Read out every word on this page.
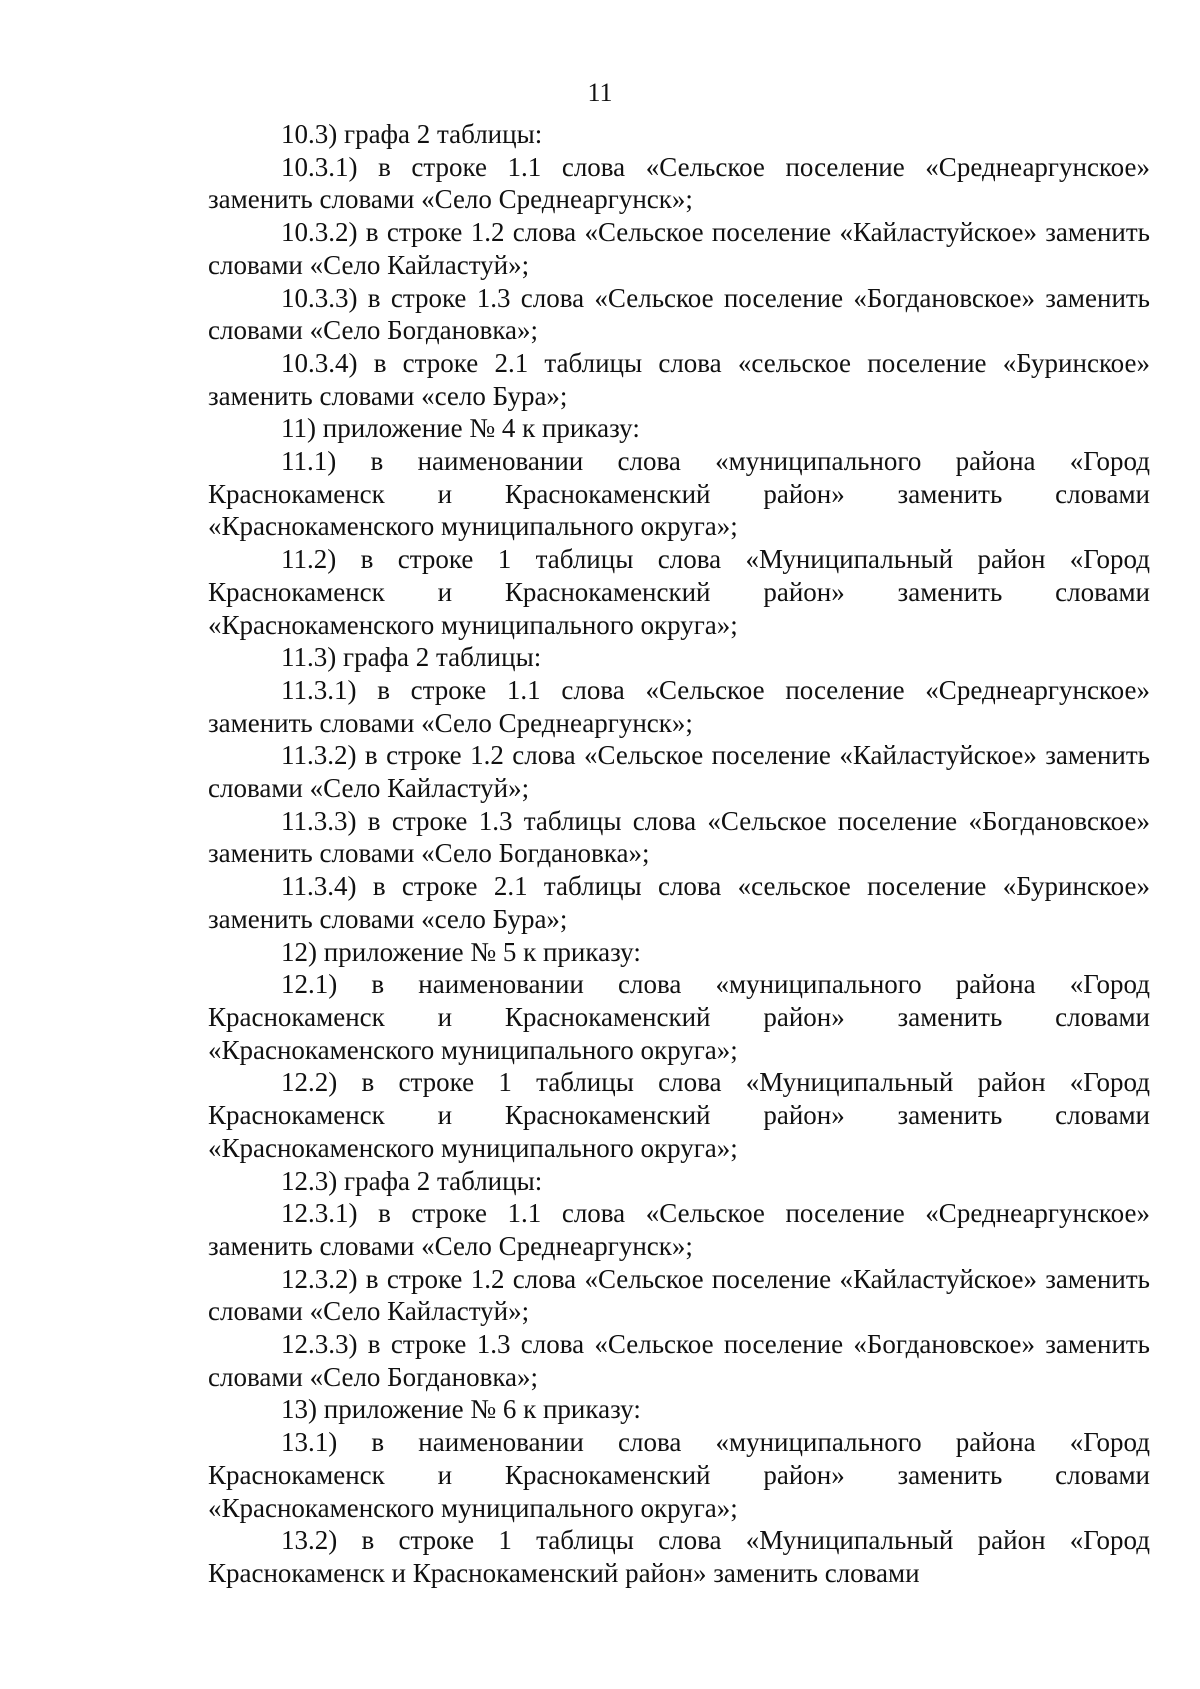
11

10.3) графа 2 таблицы:

10.3.1) в строке 1.1 слова «Сельское поселение «Среднеаргунское» заменить словами «Село Среднеаргунск»;

10.3.2) в строке 1.2 слова «Сельское поселение «Кайластуйское» заменить словами «Село Кайластуй»;

10.3.3) в строке 1.3 слова «Сельское поселение «Богдановское» заменить словами «Село Богдановка»;

10.3.4) в строке 2.1 таблицы слова «сельское поселение «Буринское» заменить словами «село Бура»;

11) приложение № 4 к приказу:

11.1) в наименовании слова «муниципального района «Город Краснокаменск и Краснокаменский район» заменить словами «Краснокаменского муниципального округа»;

11.2) в строке 1 таблицы слова «Муниципальный район «Город Краснокаменск и Краснокаменский район» заменить словами «Краснокаменского муниципального округа»;

11.3) графа 2 таблицы:

11.3.1) в строке 1.1 слова «Сельское поселение «Среднеаргунское» заменить словами «Село Среднеаргунск»;

11.3.2) в строке 1.2 слова «Сельское поселение «Кайластуйское» заменить словами «Село Кайластуй»;

11.3.3) в строке 1.3 таблицы слова «Сельское поселение «Богдановское» заменить словами «Село Богдановка»;

11.3.4) в строке 2.1 таблицы слова «сельское поселение «Буринское» заменить словами «село Бура»;

12) приложение № 5 к приказу:

12.1) в наименовании слова «муниципального района «Город Краснокаменск и Краснокаменский район» заменить словами «Краснокаменского муниципального округа»;

12.2) в строке 1 таблицы слова «Муниципальный район «Город Краснокаменск и Краснокаменский район» заменить словами «Краснокаменского муниципального округа»;

12.3) графа 2 таблицы:

12.3.1) в строке 1.1 слова «Сельское поселение «Среднеаргунское» заменить словами «Село Среднеаргунск»;

12.3.2) в строке 1.2 слова «Сельское поселение «Кайластуйское» заменить словами «Село Кайластуй»;

12.3.3) в строке 1.3 слова «Сельское поселение «Богдановское» заменить словами «Село Богдановка»;

13) приложение № 6 к приказу:

13.1) в наименовании слова «муниципального района «Город Краснокаменск и Краснокаменский район» заменить словами «Краснокаменского муниципального округа»;

13.2) в строке 1 таблицы слова «Муниципальный район «Город Краснокаменск и Краснокаменский район» заменить словами
